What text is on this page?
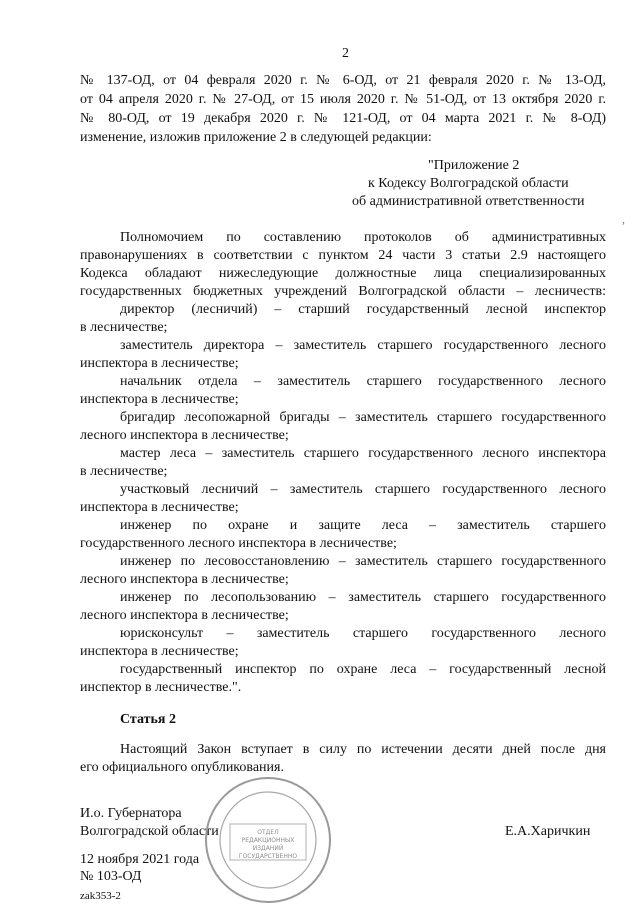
2
№ 137-ОД, от 04 февраля 2020 г. № 6-ОД, от 21 февраля 2020 г. № 13-ОД,
от 04 апреля 2020 г. № 27-ОД, от 15 июля 2020 г. № 51-ОД, от 13 октября 2020 г.
№ 80-ОД, от 19 декабря 2020 г. № 121-ОД, от 04 марта 2021 г. № 8-ОД)
изменение, изложив приложение 2 в следующей редакции:
"Приложение 2
к Кодексу Волгоградской области
об административной ответственности
Полномочием по составлению протоколов об административных
правонарушениях в соответствии с пунктом 24 части 3 статьи 2.9 настоящего
Кодекса обладают нижеследующие должностные лица специализированных
государственных бюджетных учреждений Волгоградской области – лесничеств:
директор (лесничий) – старший государственный лесной инспектор
в лесничестве;
заместитель директора – заместитель старшего государственного лесного
инспектора в лесничестве;
начальник отдела – заместитель старшего государственного лесного
инспектора в лесничестве;
бригадир лесопожарной бригады – заместитель старшего государственного
лесного инспектора в лесничестве;
мастер леса – заместитель старшего государственного лесного инспектора
в лесничестве;
участковый лесничий – заместитель старшего государственного лесного
инспектора в лесничестве;
инженер по охране и защите леса – заместитель старшего
государственного лесного инспектора в лесничестве;
инженер по лесовосстановлению – заместитель старшего государственного
лесного инспектора в лесничестве;
инженер по лесопользованию – заместитель старшего государственного
лесного инспектора в лесничестве;
юрисконсульт – заместитель старшего государственного лесного
инспектора в лесничестве;
государственный инспектор по охране леса – государственный лесной
инспектор в лесничестве.".
Статья 2
Настоящий Закон вступает в силу по истечении десяти дней после дня
его официального опубликования.
И.о. Губернатора
Волгоградской области	Е.А.Харичкин
12 ноября 2021 года
№ 103-ОД
zak353-2
ОТДЕЛ
РЕДАКЦИОННЫХ
ИЗДАНИЙ
ГОСУДАРСТВЕННО
,
